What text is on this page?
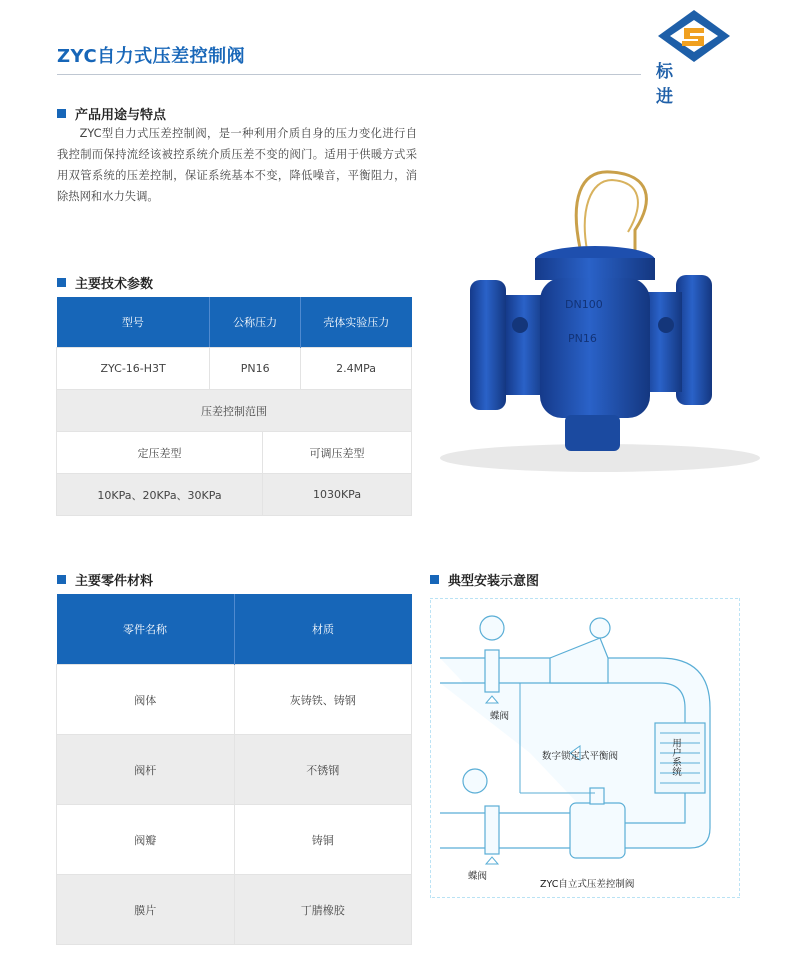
ZYC自力式压差控制阀
标进
产品用途与特点
ZYC型自力式压差控制阀，是一种利用介质自身的压力变化进行自我控制而保持流经该被控系统介质压差不变的阀门。适用于供暖方式采用双管系统的压差控制，保证系统基本不变，降低噪音，平衡阻力，消除热网和水力失调。
主要技术参数
型号	公称压力		壳体实验压力
ZYC-16-H3T	PN16		2.4MPa
压差控制范围			
定压差型		可调压差型	
10KPa、20KPa、30KPa		1030KPa	
DN100
PN16
主要零件材料
零件名称	材质
阀体	灰铸铁、铸钢
阀杆	不锈钢
阀瓣	铸铜
膜片	丁腈橡胶
典型安装示意图
蝶阀
数字锁定式平衡阀	用户系统
蝶阀
ZYC自立式压差控制阀
